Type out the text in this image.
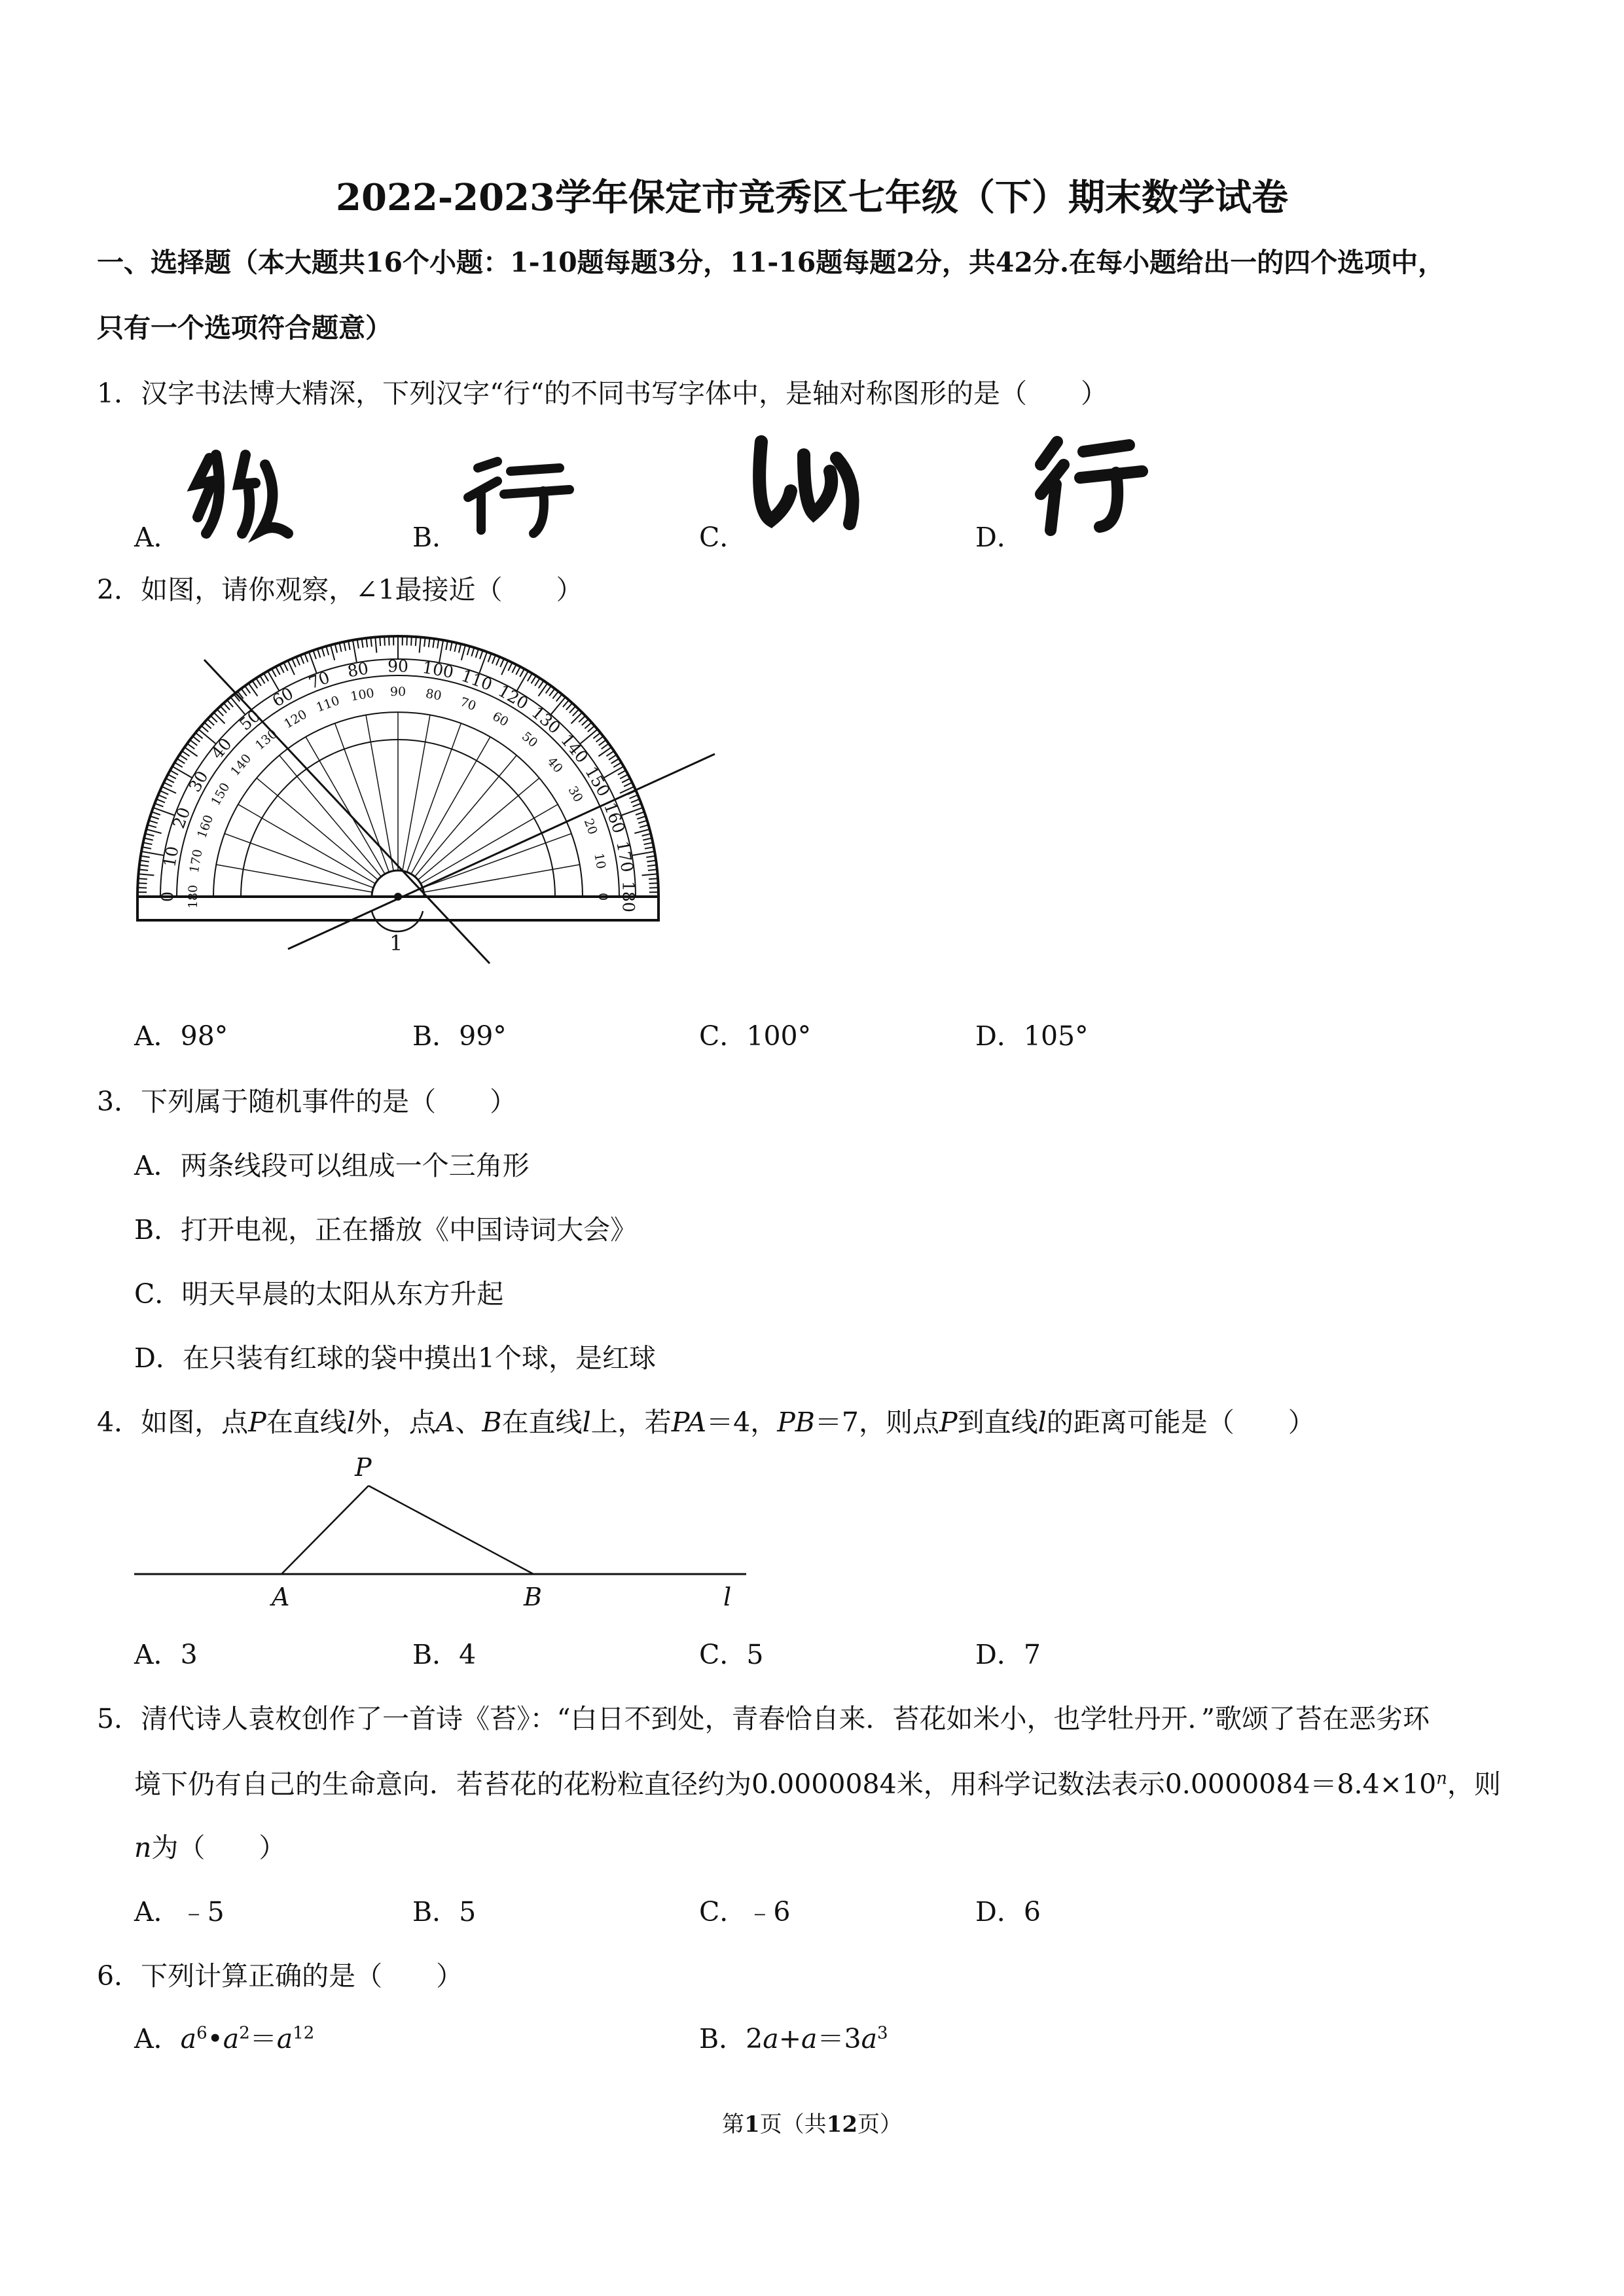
2022-2023学年保定市竞秀区七年级（下）期末数学试卷
一、选择题（本大题共16个小题：1-10题每题3分，11-16题每题2分，共42分.在每小题给出一的四个选项中，
只有一个选项符合题意）
1．汉字书法博大精深，下列汉字“行“的不同书写字体中，是轴对称图形的是（　　）
A．	B．	C．	D．
2．如图，请你观察，∠1最接近（　　）
0
10
20
30
40
50
60
70 80 90 100 110
120
130
140
150
160
170
180
180
170
160
150
140
130
120
110 100 90 80 70
60
50
40
30
20
10
0
1
A．98°	B．99°	C．100°	D．105°
3．下列属于随机事件的是（　　）
A．两条线段可以组成一个三角形
B．打开电视，正在播放《中国诗词大会》
C．明天早晨的太阳从东方升起
D．在只装有红球的袋中摸出1个球，是红球
4．如图，点P在直线l外，点A、B在直线l上，若PA＝4，PB＝7，则点P到直线l的距离可能是（　　）
P
A	B	l
A．3	B．4	C．5	D．7
5．清代诗人袁枚创作了一首诗《苔》：“白日不到处，青春恰自来．苔花如米小，也学牡丹开．”歌颂了苔在恶劣环
境下仍有自己的生命意向．若苔花的花粉粒直径约为0.0000084米，用科学记数法表示$0.0000084=8.4\times 10^n$，则
n为（　　）
A．﹣5	B．5	C．﹣6	D．6
6．下列计算正确的是（　　）
A．$a^6•a^2=a^{12}$	B．$2a+a=3a^3$
第1页（共12页）
